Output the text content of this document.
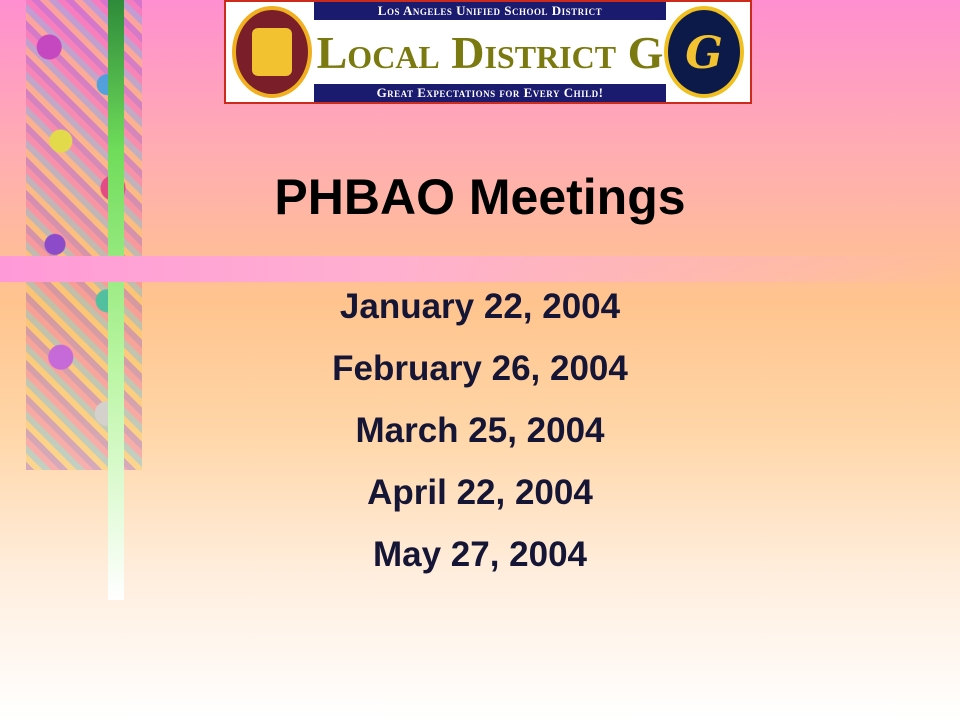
Los Angeles Unified School District
Local District G
Great Expectations for Every Child!
G
PHBAO Meetings
January 22, 2004
February 26, 2004
March 25, 2004
April 22, 2004
May 27, 2004
